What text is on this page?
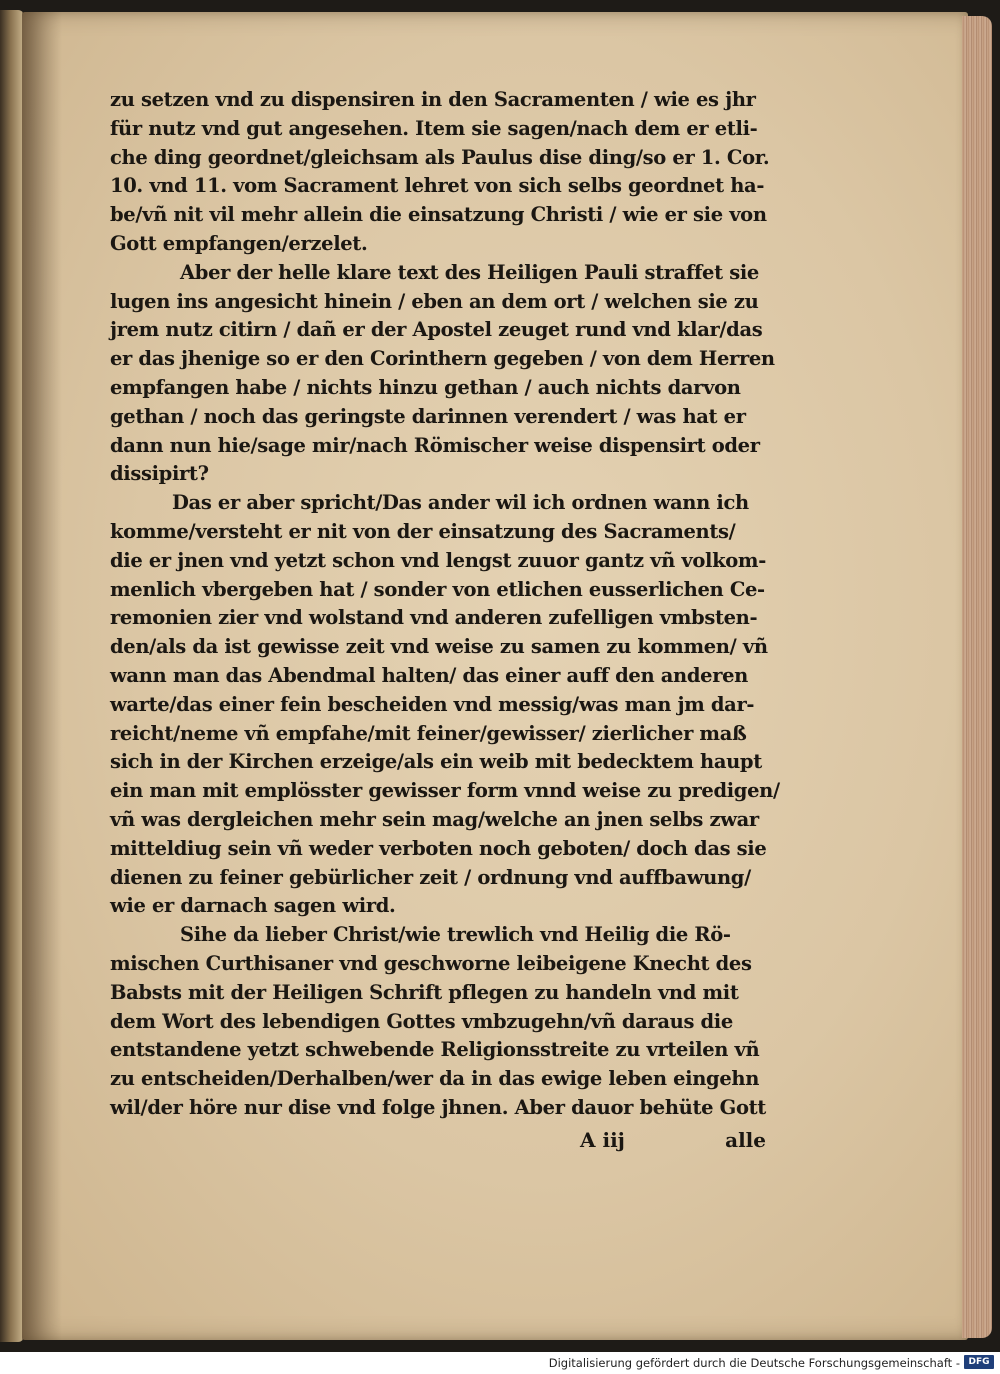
zu setzen vnd zu dispensiren in den Sacramenten / wie es jhr
für nutz vnd gut angesehen. Item sie sagen/nach dem er etli-
che ding geordnet/gleichsam als Paulus dise ding/so er 1. Cor.
10. vnd 11. vom Sacrament lehret von sich selbs geordnet ha-
be/vñ nit vil mehr allein die einsatzung Christi / wie er sie von
Gott empfangen/erzelet.
Aber der helle klare text des Heiligen Pauli straffet sie
lugen ins angesicht hinein / eben an dem ort / welchen sie zu
jrem nutz citirn / dañ er der Apostel zeuget rund vnd klar/das
er das jhenige so er den Corinthern gegeben / von dem Herren
empfangen habe / nichts hinzu gethan / auch nichts darvon
gethan / noch das geringste darinnen verendert / was hat er
dann nun hie/sage mir/nach Römischer weise dispensirt oder
dissipirt?
Das er aber spricht/Das ander wil ich ordnen wann ich
komme/versteht er nit von der einsatzung des Sacraments/
die er jnen vnd yetzt schon vnd lengst zuuor gantz vñ volkom-
menlich vbergeben hat / sonder von etlichen eusserlichen Ce-
remonien zier vnd wolstand vnd anderen zufelligen vmbsten-
den/als da ist gewisse zeit vnd weise zu samen zu kommen/ vñ
wann man das Abendmal halten/ das einer auff den anderen
warte/das einer fein bescheiden vnd messig/was man jm dar-
reicht/neme vñ empfahe/mit feiner/gewisser/ zierlicher maß
sich in der Kirchen erzeige/als ein weib mit bedecktem haupt
ein man mit emplösster gewisser form vnnd weise zu predigen/
vñ was dergleichen mehr sein mag/welche an jnen selbs zwar
mitteldiug sein vñ weder verboten noch geboten/ doch das sie
dienen zu feiner gebürlicher zeit / ordnung vnd auffbawung/
wie er darnach sagen wird.
Sihe da lieber Christ/wie trewlich vnd Heilig die Rö-
mischen Curthisaner vnd geschworne leibeigene Knecht des
Babsts mit der Heiligen Schrift pflegen zu handeln vnd mit
dem Wort des lebendigen Gottes vmbzugehn/vñ daraus die
entstandene yetzt schwebende Religionsstreite zu vrteilen vñ
zu entscheiden/Derhalben/wer da in das ewige leben eingehn
wil/der höre nur dise vnd folge jhnen. Aber dauor behüte Gott
A iij	alle
Digitalisierung gefördert durch die Deutsche Forschungsgemeinschaft - DFG
